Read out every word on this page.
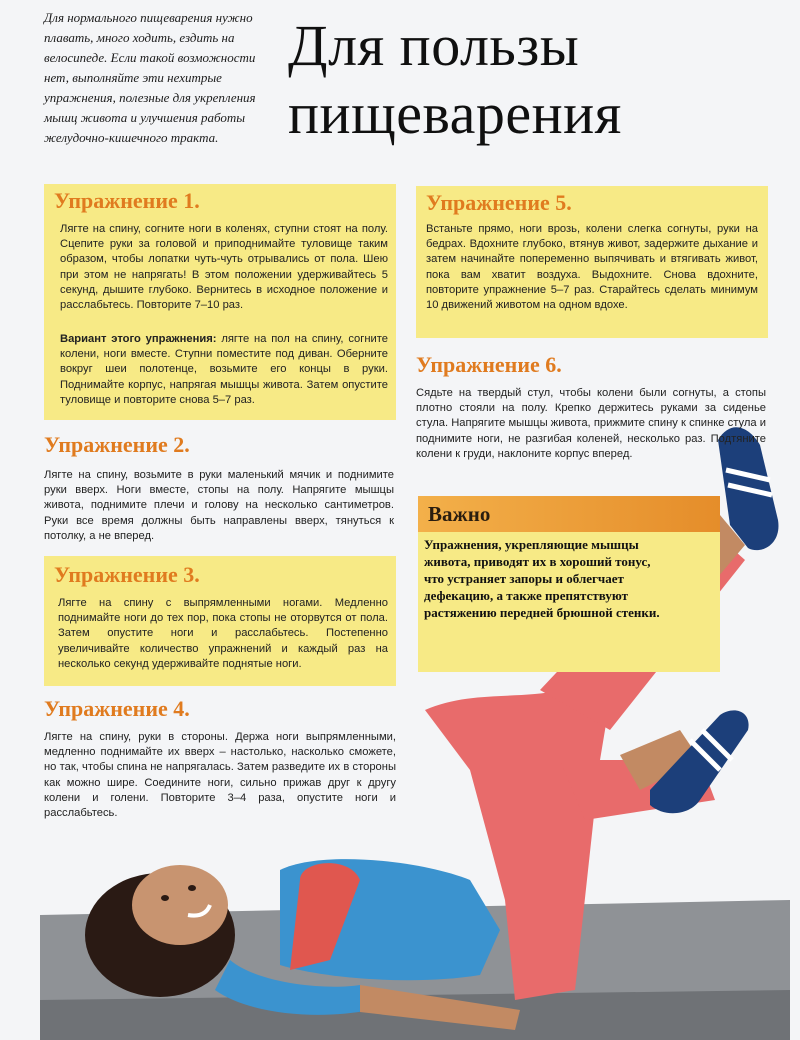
Для нормального пищеварения нужно плавать, много ходить, ездить на велосипеде. Если такой возможности нет, выполняйте эти нехитрые упражнения, полезные для укрепления мышц живота и улучшения работы желудочно-кишечного тракта.
Для пользы
пищеварения
Упражнение 1.
Лягте на спину, согните ноги в коленях, ступни стоят на полу. Сцепите руки за головой и приподнимайте туловище таким образом, чтобы лопатки чуть-чуть отрывались от пола. Шею при этом не напрягать! В этом положении удерживайтесь 5 секунд, дышите глубоко. Вернитесь в исходное положение и расслабьтесь. Повторите 7–10 раз.
Вариант этого упражнения: лягте на пол на спину, согните колени, ноги вместе. Ступни поместите под диван. Оберните вокруг шеи полотенце, возьмите его концы в руки. Поднимайте корпус, напрягая мышцы живота. Затем опустите туловище и повторите снова 5–7 раз.
Упражнение 2.
Лягте на спину, возьмите в руки маленький мячик и поднимите руки вверх. Ноги вместе, стопы на полу. Напрягите мышцы живота, поднимите плечи и голову на несколько сантиметров. Руки все время должны быть направлены вверх, тянуться к потолку, а не вперед.
Упражнение 3.
Лягте на спину с выпрямленными ногами. Медленно поднимайте ноги до тех пор, пока стопы не оторвутся от пола. Затем опустите ноги и расслабьтесь. Постепенно увеличивайте количество упражнений и каждый раз на несколько секунд удерживайте поднятые ноги.
Упражнение 4.
Лягте на спину, руки в стороны. Держа ноги выпрямленными, медленно поднимайте их вверх – настолько, насколько сможете, но так, чтобы спина не напрягалась. Затем разведите их в стороны как можно шире. Соедините ноги, сильно прижав друг к другу колени и голени. Повторите 3–4 раза, опустите ноги и расслабьтесь.
Упражнение 5.
Встаньте прямо, ноги врозь, колени слегка согнуты, руки на бедрах. Вдохните глубоко, втянув живот, задержите дыхание и затем начинайте попеременно выпячивать и втягивать живот, пока вам хватит воздуха. Выдохните. Снова вдохните, повторите упражнение 5–7 раз. Старайтесь сделать минимум 10 движений животом на одном вдохе.
Упражнение 6.
Сядьте на твердый стул, чтобы колени были согнуты, а стопы плотно стояли на полу. Крепко держитесь руками за сиденье стула. Напрягите мышцы живота, прижмите спину к спинке стула и поднимите ноги, не разгибая коленей, несколько раз. Подтяните колени к груди, наклоните корпус вперед.
Важно
Упражнения, укрепляющие мышцы живота, приводят их в хороший тонус, что устраняет запоры и облегчает дефекацию, а также препятствуют растяжению передней брюшной стенки.
